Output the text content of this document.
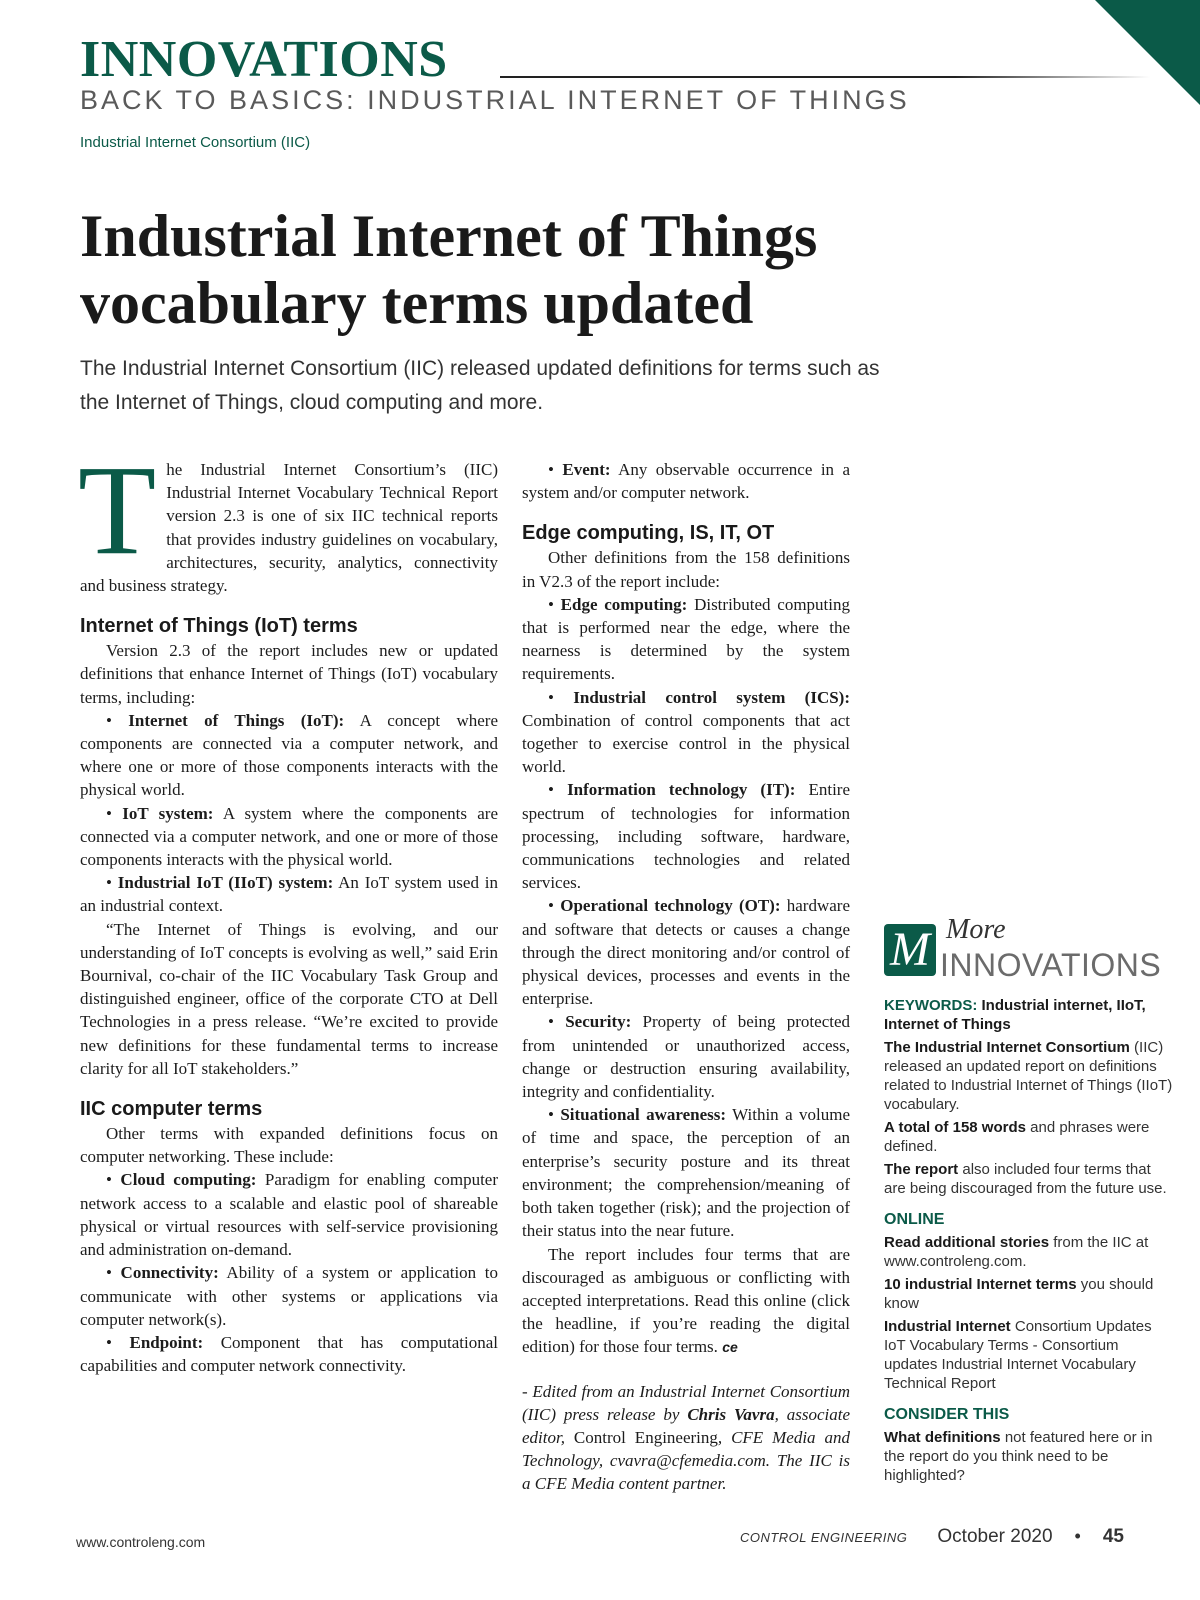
INNOVATIONS
BACK TO BASICS: INDUSTRIAL INTERNET OF THINGS
Industrial Internet Consortium (IIC)
Industrial Internet of Things
vocabulary terms updated
The Industrial Internet Consortium (IIC) released updated definitions for terms such as
the Internet of Things, cloud computing and more.

The Industrial Internet Consortium’s (IIC) Industrial Internet Vocabulary Technical Report version 2.3 is one of six IIC technical reports that provides industry guidelines on vocabulary, architectures, security, analytics, connectivity and business strategy.

Internet of Things (IoT) terms

Version 2.3 of the report includes new or updated definitions that enhance Internet of Things (IoT) vocabulary terms, including:

• Internet of Things (IoT): A concept where components are connected via a computer network, and where one or more of those components interacts with the physical world.

• IoT system: A system where the components are connected via a computer network, and one or more of those components interacts with the physical world.

• Industrial IoT (IIoT) system: An IoT system used in an industrial context.

“The Internet of Things is evolving, and our understanding of IoT concepts is evolving as well,” said Erin Bournival, co-chair of the IIC Vocabulary Task Group and distinguished engineer, office of the corporate CTO at Dell Technologies in a press release. “We’re excited to provide new definitions for these fundamental terms to increase clarity for all IoT stakeholders.”

IIC computer terms

Other terms with expanded definitions focus on computer networking. These include:

• Cloud computing: Paradigm for enabling computer network access to a scalable and elastic pool of shareable physical or virtual resources with self-service provisioning and administration on-demand.

• Connectivity: Ability of a system or application to communicate with other systems or applications via computer network(s).

• Endpoint: Component that has computational capabilities and computer network connectivity.

• Event: Any observable occurrence in a system and/or computer network.

Edge computing, IS, IT, OT

Other definitions from the 158 definitions in V2.3 of the report include:

• Edge computing: Distributed computing that is performed near the edge, where the nearness is determined by the system requirements.

• Industrial control system (ICS): Combination of control components that act together to exercise control in the physical world.

• Information technology (IT): Entire spectrum of technologies for information processing, including software, hardware, communications technologies and related services.

• Operational technology (OT): hardware and software that detects or causes a change through the direct monitoring and/or control of physical devices, processes and events in the enterprise.

• Security: Property of being protected from unintended or unauthorized access, change or destruction ensuring availability, integrity and confidentiality.

• Situational awareness: Within a volume of time and space, the perception of an enterprise’s security posture and its threat environment; the comprehension/meaning of both taken together (risk); and the projection of their status into the near future.

The report includes four terms that are discouraged as ambiguous or conflicting with accepted interpretations. Read this online (click the headline, if you’re reading the digital edition) for those four terms. ce

- Edited from an Industrial Internet Consortium (IIC) press release by Chris Vavra, associate editor, Control Engineering, CFE Media and Technology, cvavra@cfemedia.com. The IIC is a CFE Media content partner.

M More
INNOVATIONS
KEYWORDS: Industrial internet, IIoT, Internet of Things
The Industrial Internet Consortium (IIC) released an updated report on definitions related to Industrial Internet of Things (IIoT) vocabulary.
A total of 158 words and phrases were defined.
The report also included four terms that are being discouraged from the future use.
ONLINE
Read additional stories from the IIC at www.controleng.com.
10 industrial Internet terms you should know
Industrial Internet Consortium Updates IoT Vocabulary Terms - Consortium updates Industrial Internet Vocabulary Technical Report
CONSIDER THIS
What definitions not featured here or in the report do you think need to be highlighted?
www.controleng.com	CONTROL ENGINEERING October 2020 • 45
